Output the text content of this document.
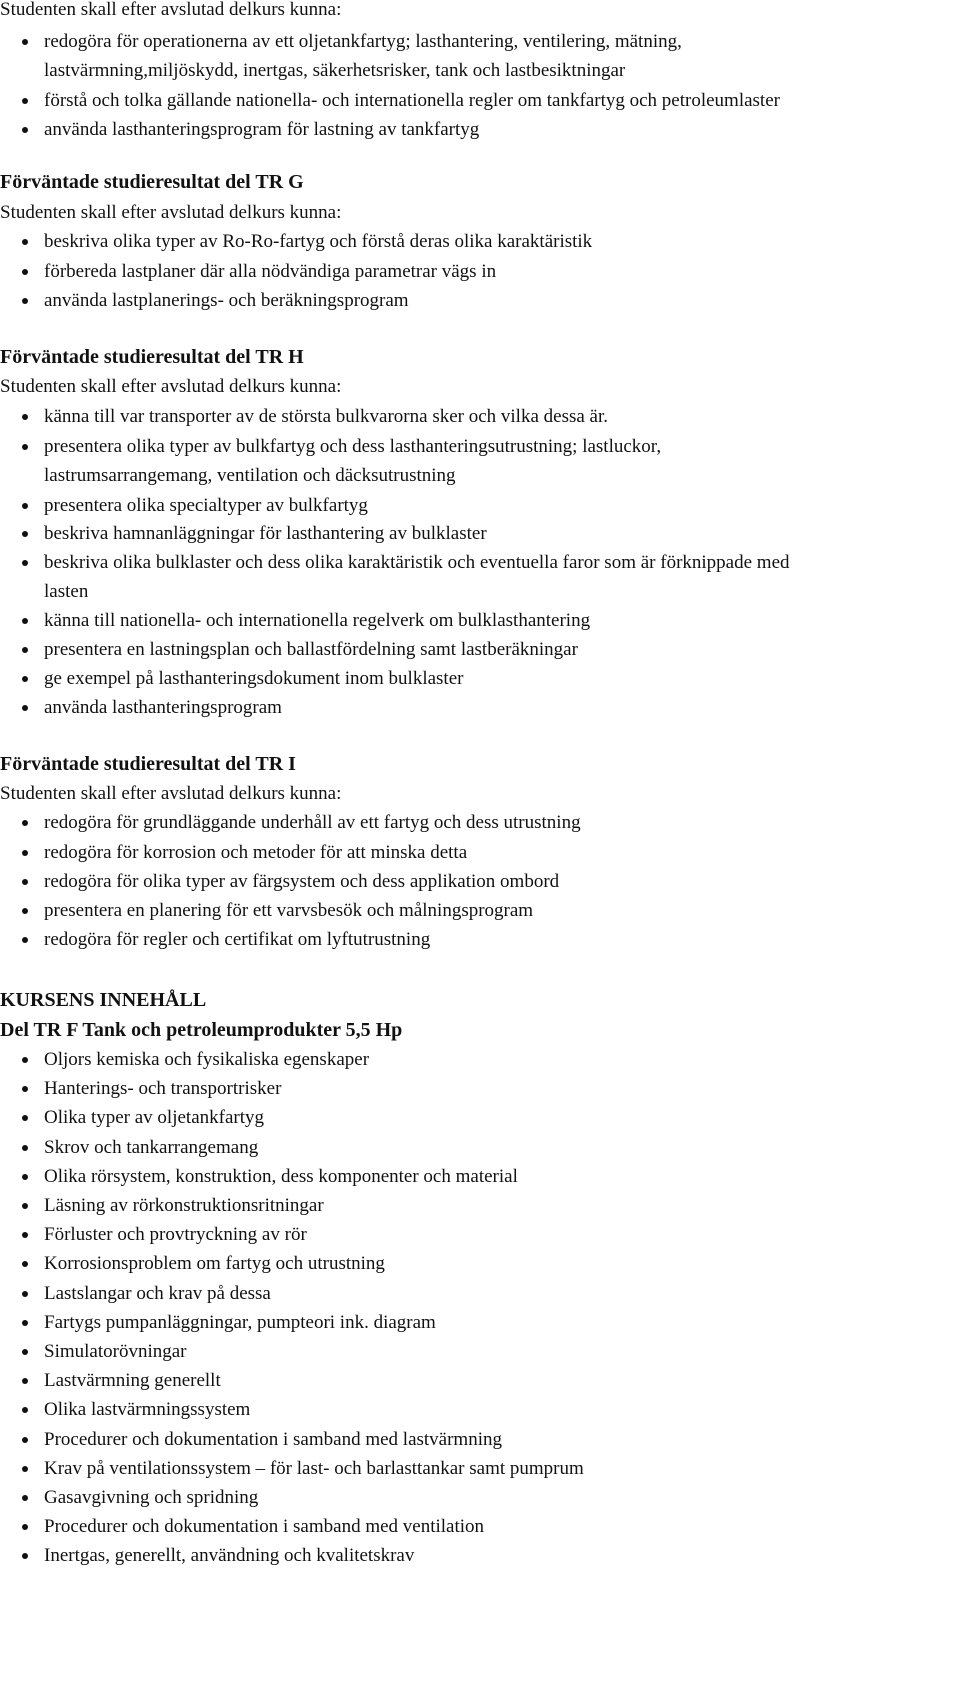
Studenten skall efter avslutad delkurs kunna:
redogöra för operationerna av ett oljetankfartyg; lasthantering, ventilering, mätning,
lastvärmning,miljöskydd, inertgas, säkerhetsrisker, tank och lastbesiktningar
förstå och tolka gällande nationella- och internationella regler om tankfartyg och petroleumlaster
använda lasthanteringsprogram för lastning av tankfartyg
Förväntade studieresultat del TR G
Studenten skall efter avslutad delkurs kunna:
beskriva olika typer av Ro-Ro-fartyg och förstå deras olika karaktäristik
förbereda lastplaner där alla nödvändiga parametrar vägs in
använda lastplanerings- och beräkningsprogram
Förväntade studieresultat del TR H
Studenten skall efter avslutad delkurs kunna:
känna till var transporter av de största bulkvarorna sker och vilka dessa är.
presentera olika typer av bulkfartyg och dess lasthanteringsutrustning; lastluckor,
lastrumsarrangemang, ventilation och däcksutrustning
presentera olika specialtyper av bulkfartyg
beskriva hamnanläggningar för lasthantering av bulklaster
beskriva olika bulklaster och dess olika karaktäristik och eventuella faror som är förknippade med
lasten
känna till nationella- och internationella regelverk om bulklasthantering
presentera en lastningsplan och ballastfördelning samt lastberäkningar
ge exempel på lasthanteringsdokument inom bulklaster
använda lasthanteringsprogram
Förväntade studieresultat del TR I
Studenten skall efter avslutad delkurs kunna:
redogöra för grundläggande underhåll av ett fartyg och dess utrustning
redogöra för korrosion och metoder för att minska detta
redogöra för olika typer av färgsystem och dess applikation ombord
presentera en planering för ett varvsbesök och målningsprogram
redogöra för regler och certifikat om lyftutrustning
KURSENS INNEHÅLL
Del TR F Tank och petroleumprodukter 5,5 Hp
Oljors kemiska och fysikaliska egenskaper
Hanterings- och transportrisker
Olika typer av oljetankfartyg
Skrov och tankarrangemang
Olika rörsystem, konstruktion, dess komponenter och material
Läsning av rörkonstruktionsritningar
Förluster och provtryckning av rör
Korrosionsproblem om fartyg och utrustning
Lastslangar och krav på dessa
Fartygs pumpanläggningar, pumpteori ink. diagram
Simulatorövningar
Lastvärmning generellt
Olika lastvärmningssystem
Procedurer och dokumentation i samband med lastvärmning
Krav på ventilationssystem – för last- och barlasttankar samt pumprum
Gasavgivning och spridning
Procedurer och dokumentation i samband med ventilation
Inertgas, generellt, användning och kvalitetskrav
